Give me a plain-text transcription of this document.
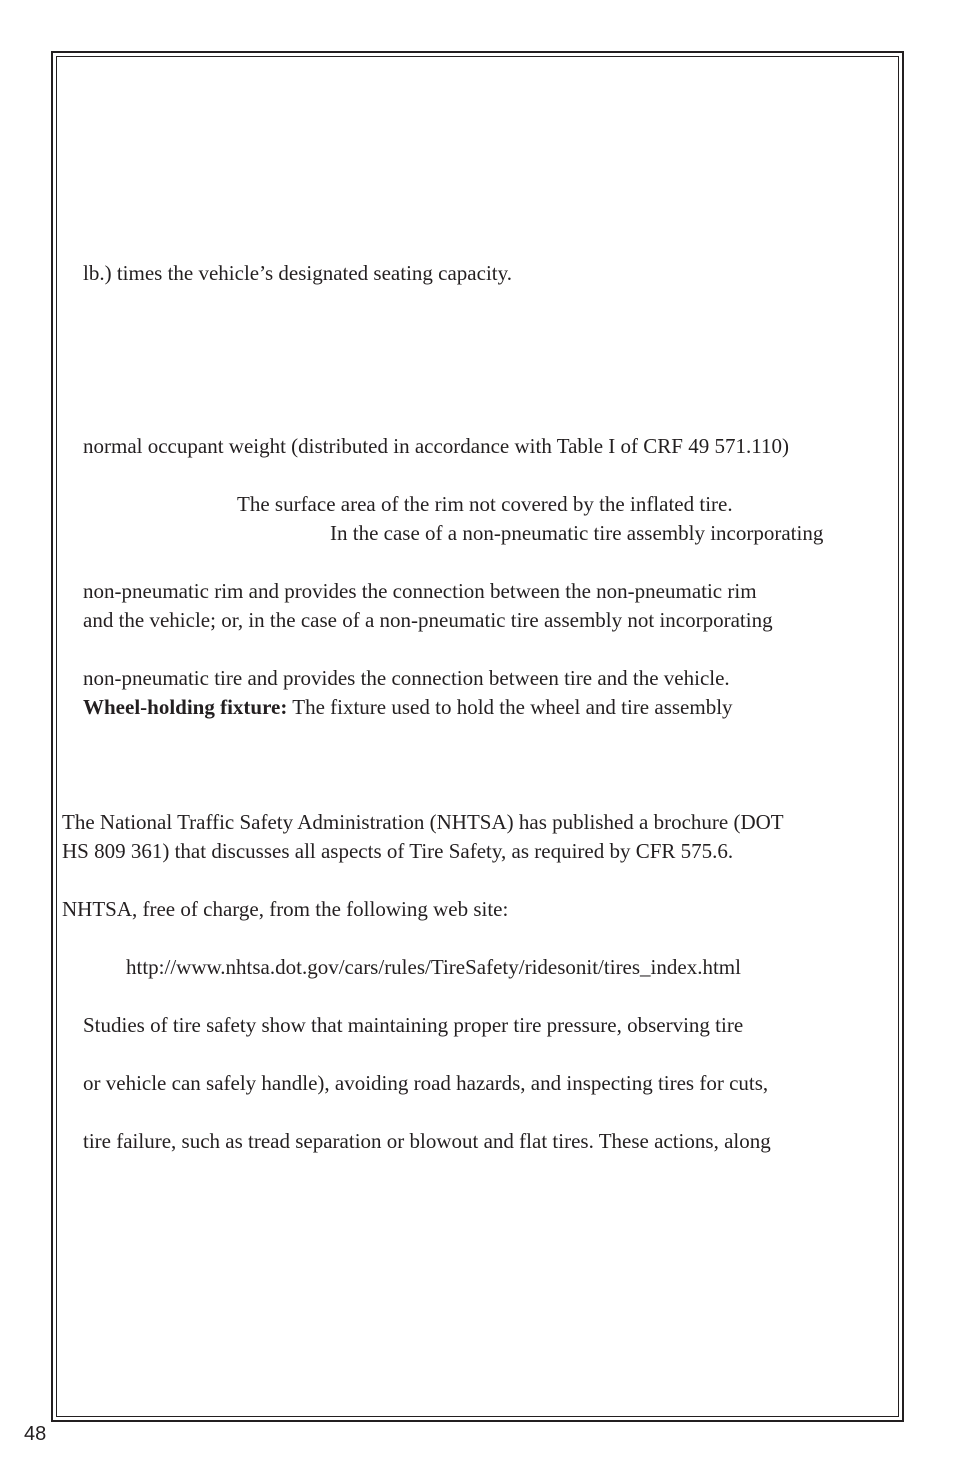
lb.) times the vehicle’s designated seating capacity.
normal occupant weight (distributed in accordance with Table I of CRF 49 571.110)
The surface area of the rim not covered by the inflated tire.
In the case of a non-pneumatic tire assembly incorporating
non-pneumatic rim and provides the connection between the non-pneumatic rim
and the vehicle; or, in the case of a non-pneumatic tire assembly not incorporating
non-pneumatic tire and provides the connection between tire and the vehicle.
Wheel-holding fixture: The fixture used to hold the wheel and tire assembly
The National Traffic Safety Administration (NHTSA) has published a brochure (DOT
HS 809 361) that discusses all aspects of Tire Safety, as required by CFR 575.6.
NHTSA, free of charge, from the following web site:
http://www.nhtsa.dot.gov/cars/rules/TireSafety/ridesonit/tires_index.html
Studies of tire safety show that maintaining proper tire pressure, observing tire
or vehicle can safely handle), avoiding road hazards, and inspecting tires for cuts,
tire failure, such as tread separation or blowout and flat tires. These actions, along
48
